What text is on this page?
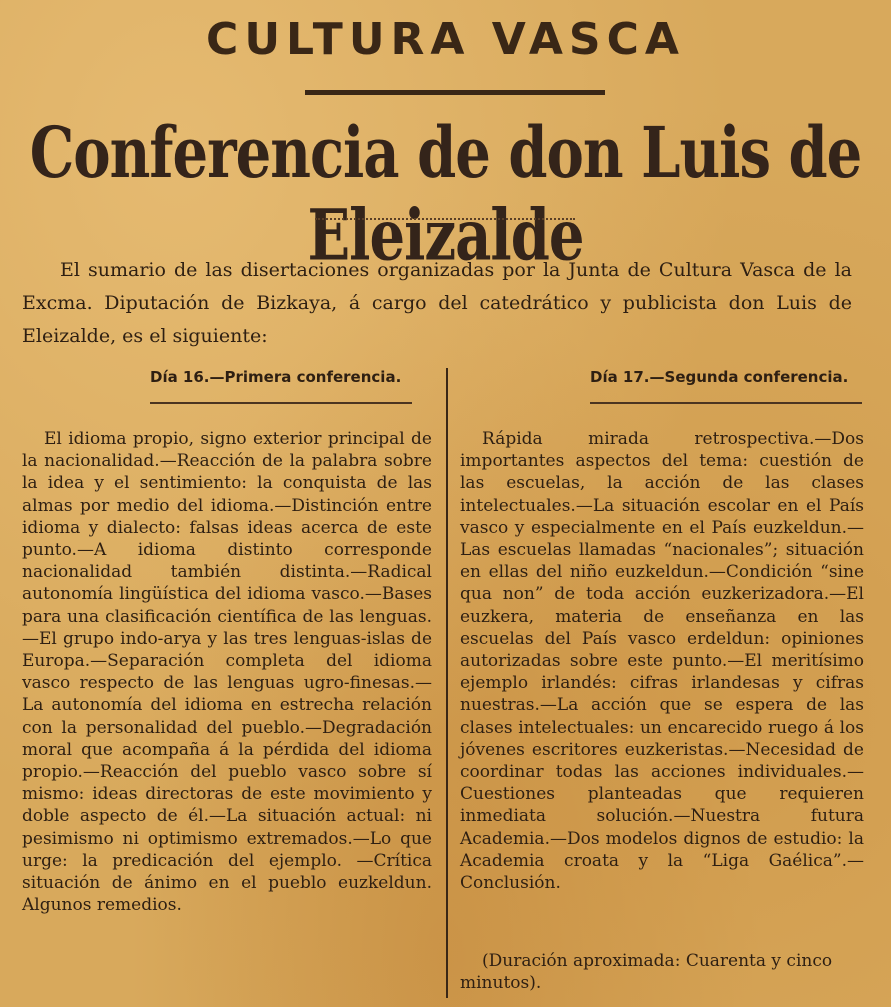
CULTURA VASCA
Conferencia de don Luis de Eleizalde
El sumario de las disertaciones organizadas por la Junta de Cultura Vasca de la Excma. Diputación de Bizkaya, á cargo del catedrático y publicista don Luis de Eleizalde, es el siguiente:
Día 16.—Primera conferencia.	Día 17.—Segunda conferencia.
El idioma propio, signo exterior principal de la nacionalidad.—Reacción de la palabra sobre la idea y el sentimiento: la conquista de las almas por medio del idioma.—Distinción entre idioma y dialecto: falsas ideas acerca de este punto.—A idioma distinto corresponde nacionalidad también distinta.—Radical autonomía lingüística del idioma vasco.—Bases para una clasificación científica de las lenguas.—El grupo indo-arya y las tres lenguas-islas de Europa.—Separación completa del idioma vasco respecto de las lenguas ugro-finesas.—La autonomía del idioma en estrecha relación con la personalidad del pueblo.—Degradación moral que acompaña á la pérdida del idioma propio.—Reacción del pueblo vasco sobre sí mismo: ideas directoras de este movimiento y doble aspecto de él.—La situación actual: ni pesimismo ni optimismo extremados.—Lo que urge: la predicación del ejemplo. —Crítica situación de ánimo en el pueblo euzkeldun. Algunos remedios.
Rápida mirada retrospectiva.—Dos importantes aspectos del tema: cuestión de las escuelas, la acción de las clases intelectuales.—La situación escolar en el País vasco y especialmente en el País euzkeldun.—Las escuelas llamadas “nacionales”; situación en ellas del niño euzkeldun.—Condición “sine qua non” de toda acción euzkerizadora.—El euzkera, materia de enseñanza en las escuelas del País vasco erdeldun: opiniones autorizadas sobre este punto.—El meritísimo ejemplo irlandés: cifras irlandesas y cifras nuestras.—La acción que se espera de las clases intelectuales: un encarecido ruego á los jóvenes escritores euzkeristas.—Necesidad de coordinar todas las acciones individuales.—Cuestiones planteadas que requieren inmediata solución.—Nuestra futura Academia.—Dos modelos dignos de estudio: la Academia croata y la “Liga Gaélica”.—Conclusión.
(Duración aproximada: Cuarenta y cinco minutos).
